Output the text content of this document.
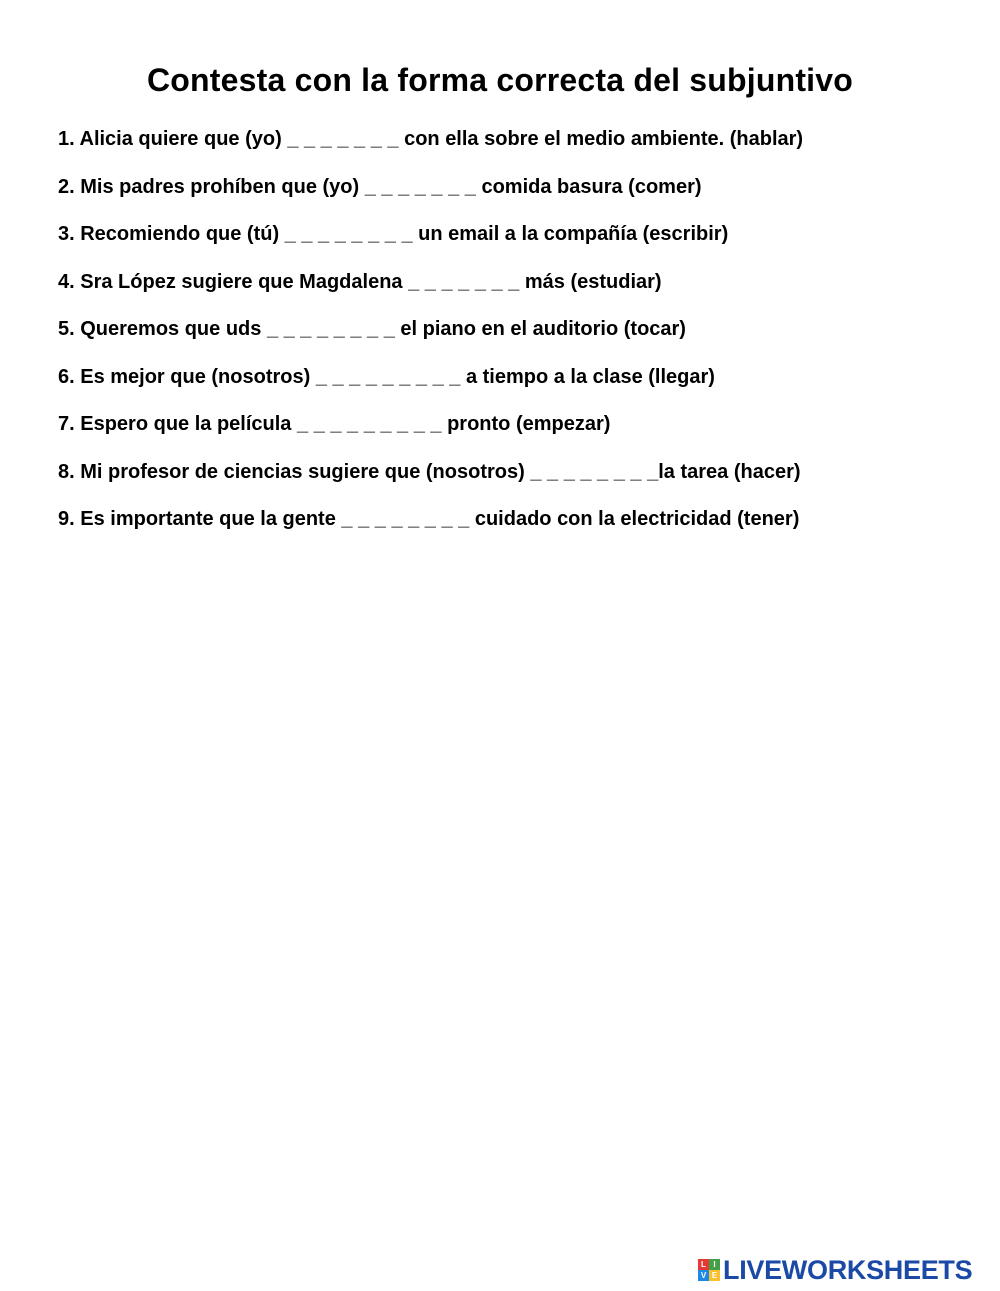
Contesta con la forma correcta del subjuntivo
1. Alicia quiere que (yo) _ _ _ _ _ _ _ con ella sobre el medio ambiente. (hablar)
2. Mis padres prohíben que (yo) _ _ _ _ _ _ _ comida basura (comer)
3. Recomiendo que (tú) _ _ _ _ _ _ _ _ un email a la compañía (escribir)
4. Sra López sugiere que Magdalena _ _ _ _ _ _ _ más (estudiar)
5. Queremos que uds _ _ _ _ _ _ _ _ el piano en el auditorio (tocar)
6. Es mejor que (nosotros) _ _ _ _ _ _ _ _ _ a tiempo a la clase (llegar)
7. Espero que la película _ _ _ _ _ _ _ _ _ pronto (empezar)
8. Mi profesor de ciencias sugiere que (nosotros) _ _ _ _ _ _ _ _la tarea (hacer)
9. Es importante que la gente _ _ _ _ _ _ _ _ cuidado con la electricidad (tener)
L I
V E LIVEWORKSHEETS
